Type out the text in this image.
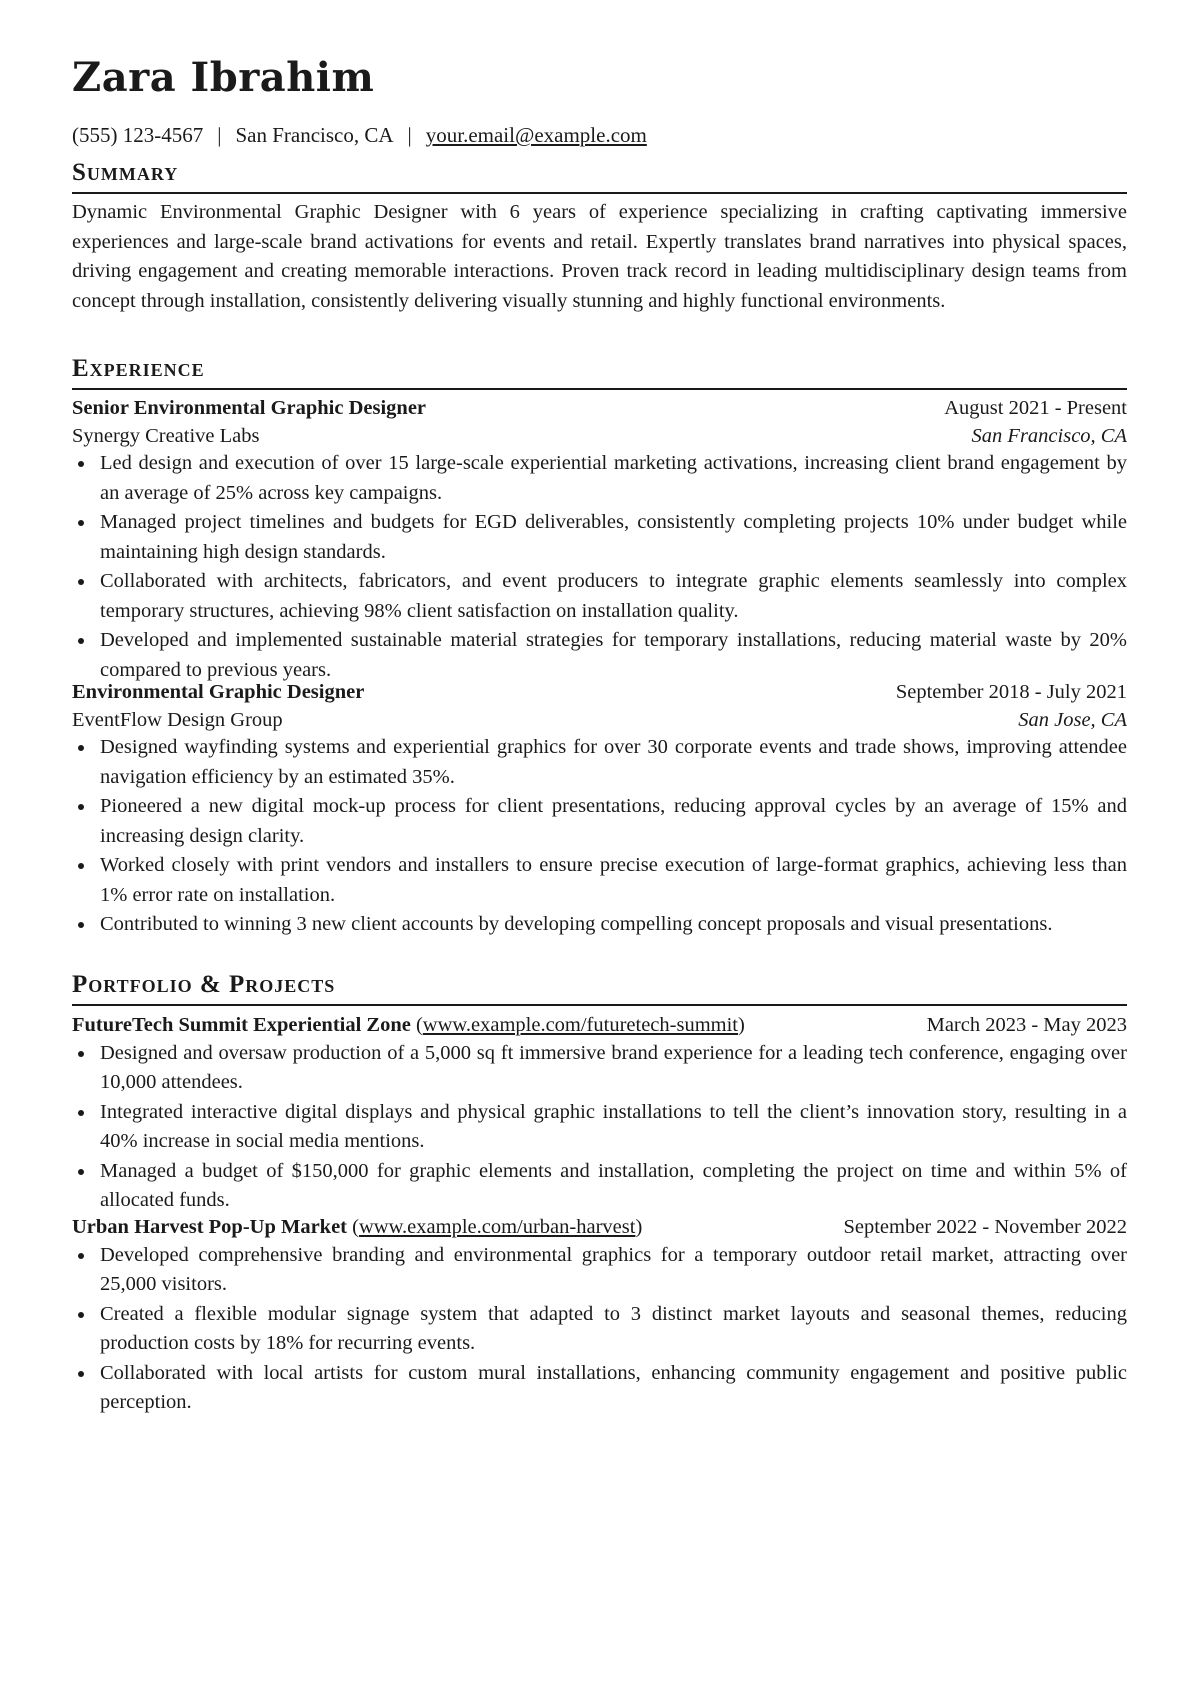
Zara Ibrahim
(555) 123-4567 | San Francisco, CA | your.email@example.com
Summary
Dynamic Environmental Graphic Designer with 6 years of experience specializing in crafting captivating immersive experiences and large-scale brand activations for events and retail. Expertly translates brand narratives into physical spaces, driving engagement and creating memorable interactions. Proven track record in leading multidisciplinary design teams from concept through installation, consistently delivering visually stunning and highly functional environments.
Experience
Senior Environmental Graphic Designer	August 2021 - Present
Synergy Creative Labs	San Francisco, CA
Led design and execution of over 15 large-scale experiential marketing activations, increasing client brand engagement by an average of 25% across key campaigns.
Managed project timelines and budgets for EGD deliverables, consistently completing projects 10% under budget while maintaining high design standards.
Collaborated with architects, fabricators, and event producers to integrate graphic elements seamlessly into complex temporary structures, achieving 98% client satisfaction on installation quality.
Developed and implemented sustainable material strategies for temporary installations, reducing material waste by 20% compared to previous years.
Environmental Graphic Designer	September 2018 - July 2021
EventFlow Design Group	San Jose, CA
Designed wayfinding systems and experiential graphics for over 30 corporate events and trade shows, improving attendee navigation efficiency by an estimated 35%.
Pioneered a new digital mock-up process for client presentations, reducing approval cycles by an average of 15% and increasing design clarity.
Worked closely with print vendors and installers to ensure precise execution of large-format graphics, achieving less than 1% error rate on installation.
Contributed to winning 3 new client accounts by developing compelling concept proposals and visual presentations.
Portfolio & Projects
FutureTech Summit Experiential Zone (www.example.com/futuretech-summit)	March 2023 - May 2023
Designed and oversaw production of a 5,000 sq ft immersive brand experience for a leading tech conference, engaging over 10,000 attendees.
Integrated interactive digital displays and physical graphic installations to tell the client’s innovation story, resulting in a 40% increase in social media mentions.
Managed a budget of $150,000 for graphic elements and installation, completing the project on time and within 5% of allocated funds.
Urban Harvest Pop-Up Market (www.example.com/urban-harvest)	September 2022 - November 2022
Developed comprehensive branding and environmental graphics for a temporary outdoor retail market, attracting over 25,000 visitors.
Created a flexible modular signage system that adapted to 3 distinct market layouts and seasonal themes, reducing production costs by 18% for recurring events.
Collaborated with local artists for custom mural installations, enhancing community engagement and positive public perception.
